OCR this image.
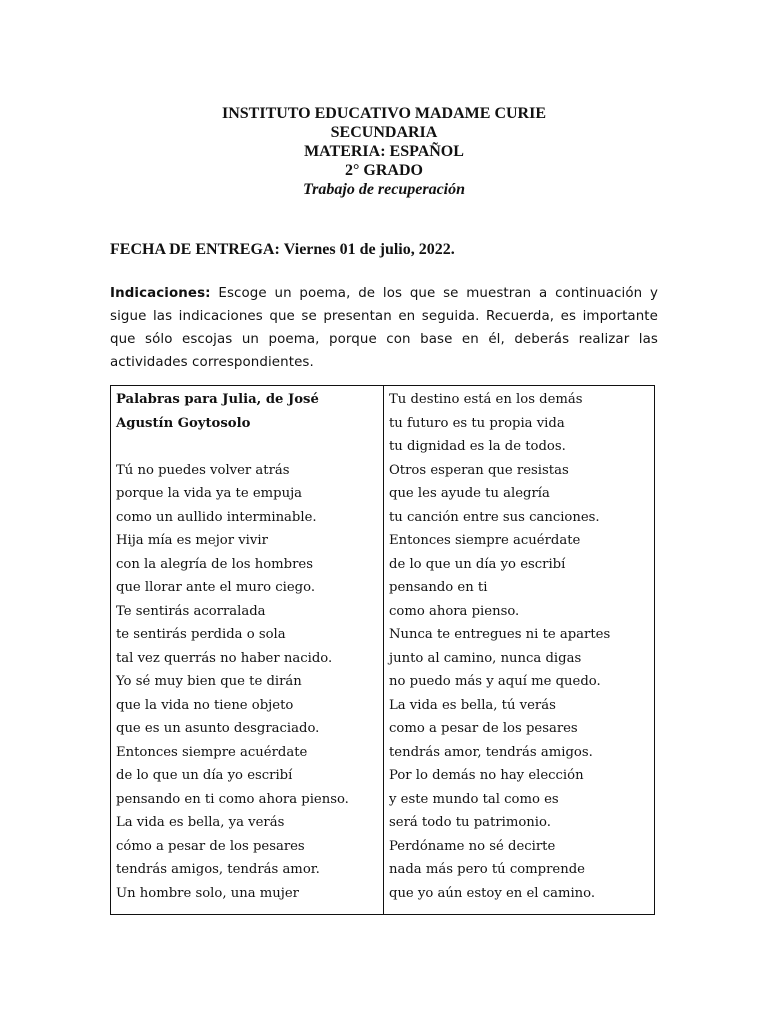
INSTITUTO EDUCATIVO MADAME CURIE
SECUNDARIA
MATERIA: ESPAÑOL
2° GRADO
Trabajo de recuperación
FECHA DE ENTREGA: Viernes 01 de julio, 2022.
Indicaciones: Escoge un poema, de los que se muestran a continuación y sigue las indicaciones que se presentan en seguida. Recuerda, es importante que sólo escojas un poema, porque con base en él, deberás realizar las actividades correspondientes.
Palabras para Julia, de José Agustín Goytosolo
Tú no puedes volver atrás
porque la vida ya te empuja
como un aullido interminable.
Hija mía es mejor vivir
con la alegría de los hombres
que llorar ante el muro ciego.
Te sentirás acorralada
te sentirás perdida o sola
tal vez querrás no haber nacido.
Yo sé muy bien que te dirán
que la vida no tiene objeto
que es un asunto desgraciado.
Entonces siempre acuérdate
de lo que un día yo escribí
pensando en ti como ahora pienso.
La vida es bella, ya verás
cómo a pesar de los pesares
tendrás amigos, tendrás amor.
Un hombre solo, una mujer
Tu destino está en los demás
tu futuro es tu propia vida
tu dignidad es la de todos.
Otros esperan que resistas
que les ayude tu alegría
tu canción entre sus canciones.
Entonces siempre acuérdate
de lo que un día yo escribí
pensando en ti
como ahora pienso.
Nunca te entregues ni te apartes
junto al camino, nunca digas
no puedo más y aquí me quedo.
La vida es bella, tú verás
como a pesar de los pesares
tendrás amor, tendrás amigos.
Por lo demás no hay elección
y este mundo tal como es
será todo tu patrimonio.
Perdóname no sé decirte
nada más pero tú comprende
que yo aún estoy en el camino.
